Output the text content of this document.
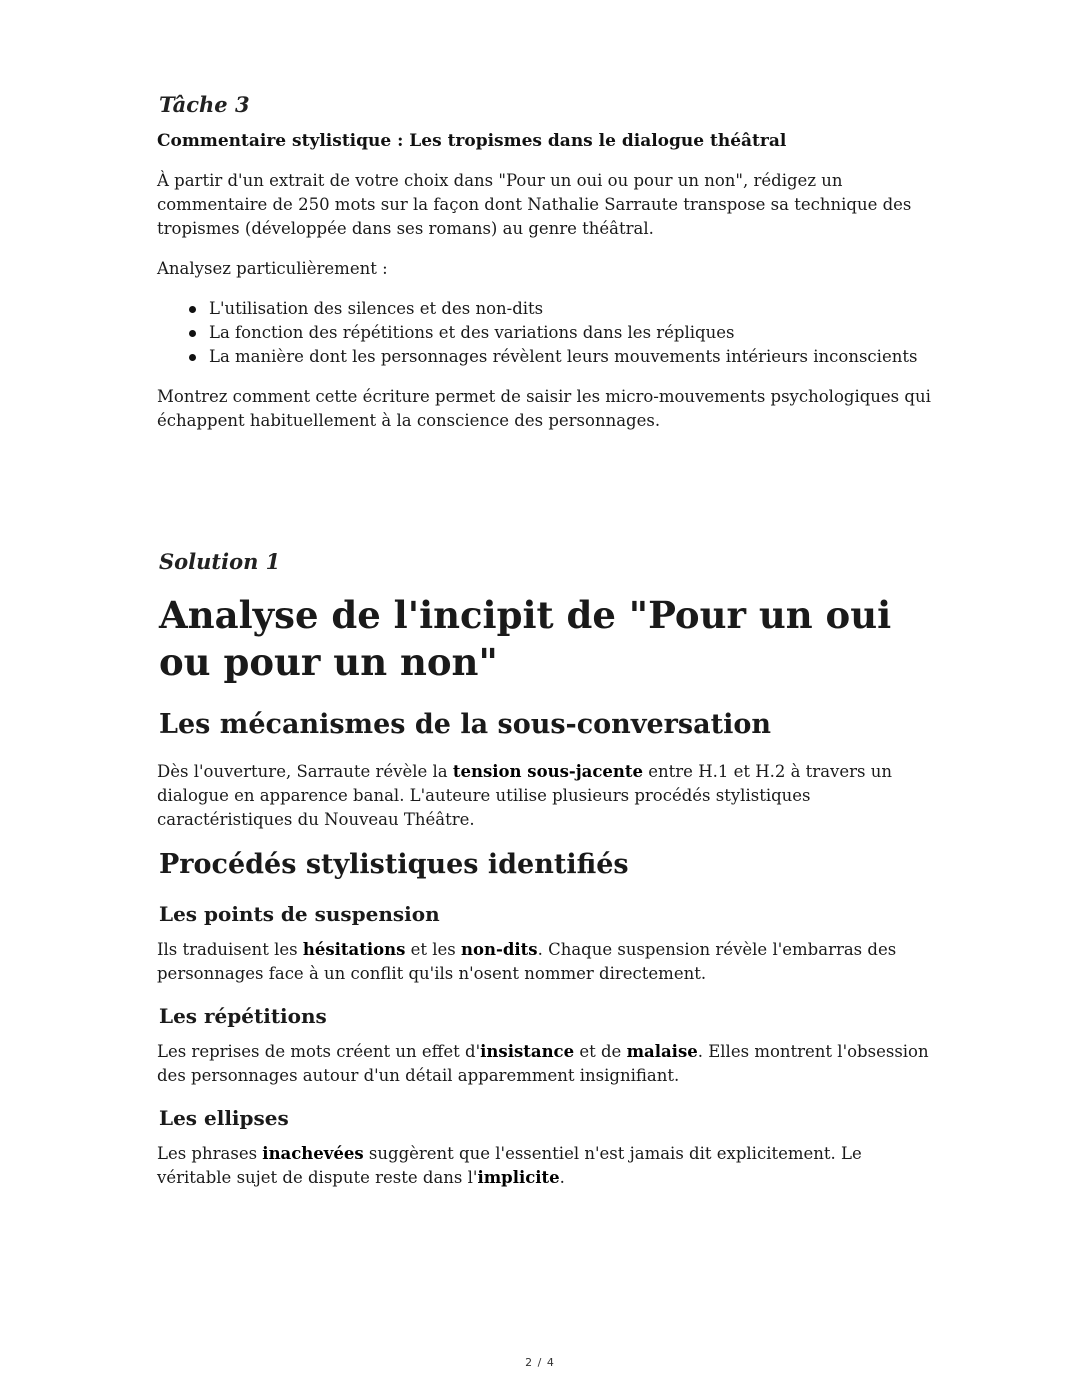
Tâche 3
Commentaire stylistique : Les tropismes dans le dialogue théâtral

À partir d'un extrait de votre choix dans "Pour un oui ou pour un non", rédigez un commentaire de 250 mots sur la façon dont Nathalie Sarraute transpose sa technique des tropismes (développée dans ses romans) au genre théâtral.

Analysez particulièrement :

L'utilisation des silences et des non-dits
La fonction des répétitions et des variations dans les répliques
La manière dont les personnages révèlent leurs mouvements intérieurs inconscients

Montrez comment cette écriture permet de saisir les micro-mouvements psychologiques qui échappent habituellement à la conscience des personnages.

Solution 1
Analyse de l'incipit de "Pour un oui ou pour un non"
Les mécanismes de la sous-conversation

Dès l'ouverture, Sarraute révèle la tension sous-jacente entre H.1 et H.2 à travers un dialogue en apparence banal. L'auteure utilise plusieurs procédés stylistiques caractéristiques du Nouveau Théâtre.

Procédés stylistiques identifiés
Les points de suspension

Ils traduisent les hésitations et les non-dits. Chaque suspension révèle l'embarras des personnages face à un conflit qu'ils n'osent nommer directement.

Les répétitions

Les reprises de mots créent un effet d'insistance et de malaise. Elles montrent l'obsession des personnages autour d'un détail apparemment insignifiant.

Les ellipses

Les phrases inachevées suggèrent que l'essentiel n'est jamais dit explicitement. Le véritable sujet de dispute reste dans l'implicite.

2 / 4
